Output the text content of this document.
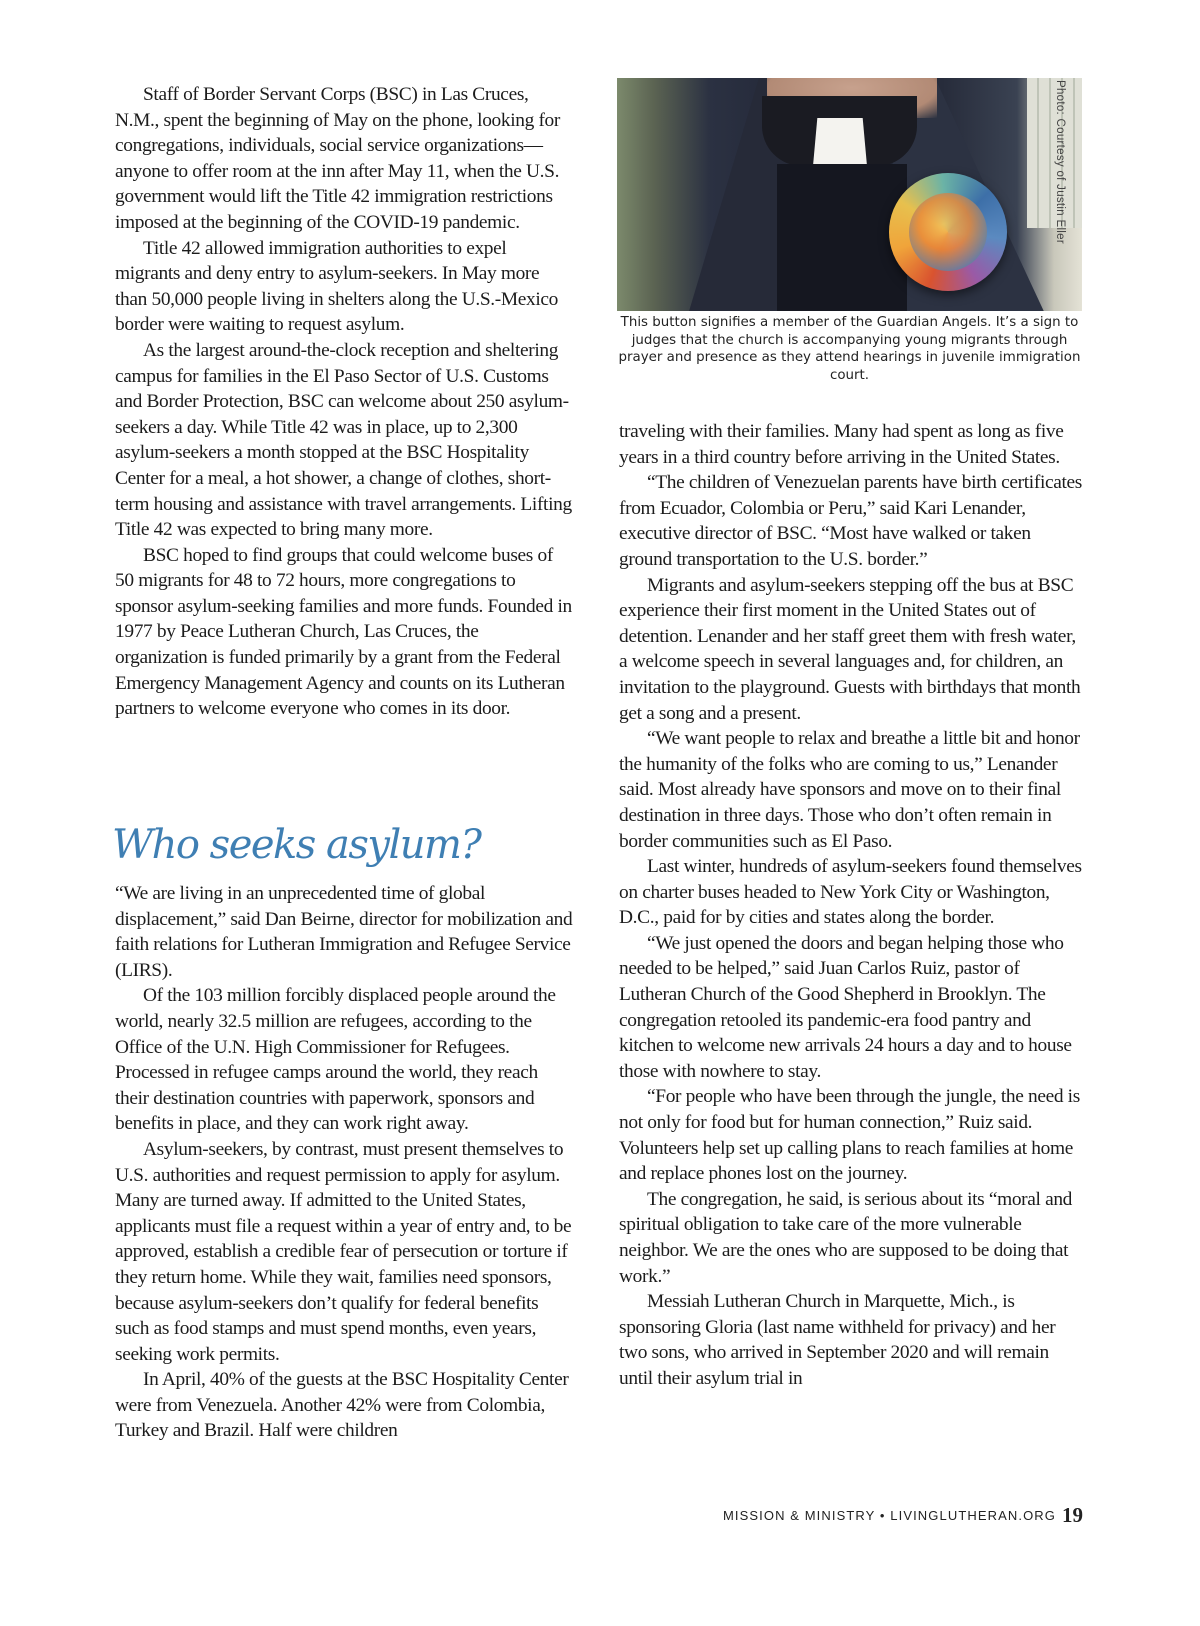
Staff of Border Servant Corps (BSC) in Las Cruces, N.M., spent the beginning of May on the phone, looking for congregations, individuals, social service organizations—anyone to offer room at the inn after May 11, when the U.S. government would lift the Title 42 immigration restrictions imposed at the beginning of the COVID-19 pandemic.

Title 42 allowed immigration authorities to expel migrants and deny entry to asylum-seekers. In May more than 50,000 people living in shelters along the U.S.-Mexico border were waiting to request asylum.

As the largest around-the-clock reception and sheltering campus for families in the El Paso Sector of U.S. Customs and Border Protection, BSC can welcome about 250 asylum-seekers a day. While Title 42 was in place, up to 2,300 asylum-seekers a month stopped at the BSC Hospitality Center for a meal, a hot shower, a change of clothes, short-term housing and assistance with travel arrangements. Lifting Title 42 was expected to bring many more.

BSC hoped to find groups that could welcome buses of 50 migrants for 48 to 72 hours, more congregations to sponsor asylum-seeking families and more funds. Founded in 1977 by Peace Lutheran Church, Las Cruces, the organization is funded primarily by a grant from the Federal Emergency Management Agency and counts on its Lutheran partners to welcome everyone who comes in its door.

Who seeks asylum?

“We are living in an unprecedented time of global displacement,” said Dan Beirne, director for mobilization and faith relations for Lutheran Immigration and Refugee Service (LIRS).

Of the 103 million forcibly displaced people around the world, nearly 32.5 million are refugees, according to the Office of the U.N. High Commissioner for Refugees. Processed in refugee camps around the world, they reach their destination countries with paperwork, sponsors and benefits in place, and they can work right away.

Asylum-seekers, by contrast, must present themselves to U.S. authorities and request permission to apply for asylum. Many are turned away. If admitted to the United States, applicants must file a request within a year of entry and, to be approved, establish a credible fear of persecution or torture if they return home. While they wait, families need sponsors, because asylum-seekers don’t qualify for federal benefits such as food stamps and must spend months, even years, seeking work permits.

In April, 40% of the guests at the BSC Hospitality Center were from Venezuela. Another 42% were from Colombia, Turkey and Brazil. Half were children

Photo: Courtesy of Justin Eller

This button signifies a member of the Guardian Angels. It’s a sign to judges that the church is accompanying young migrants through prayer and presence as they attend hearings in juvenile immigration court.

traveling with their families. Many had spent as long as five years in a third country before arriving in the United States.

“The children of Venezuelan parents have birth certificates from Ecuador, Colombia or Peru,” said Kari Lenander, executive director of BSC. “Most have walked or taken ground transportation to the U.S. border.”

Migrants and asylum-seekers stepping off the bus at BSC experience their first moment in the United States out of detention. Lenander and her staff greet them with fresh water, a welcome speech in several languages and, for children, an invitation to the playground. Guests with birthdays that month get a song and a present.

“We want people to relax and breathe a little bit and honor the humanity of the folks who are coming to us,” Lenander said. Most already have sponsors and move on to their final destination in three days. Those who don’t often remain in border communities such as El Paso.

Last winter, hundreds of asylum-seekers found themselves on charter buses headed to New York City or Washington, D.C., paid for by cities and states along the border.

“We just opened the doors and began helping those who needed to be helped,” said Juan Carlos Ruiz, pastor of Lutheran Church of the Good Shepherd in Brooklyn. The congregation retooled its pandemic-era food pantry and kitchen to welcome new arrivals 24 hours a day and to house those with nowhere to stay.

“For people who have been through the jungle, the need is not only for food but for human connection,” Ruiz said. Volunteers help set up calling plans to reach families at home and replace phones lost on the journey.

The congregation, he said, is serious about its “moral and spiritual obligation to take care of the more vulnerable neighbor. We are the ones who are supposed to be doing that work.”

Messiah Lutheran Church in Marquette, Mich., is sponsoring Gloria (last name withheld for privacy) and her two sons, who arrived in September 2020 and will remain until their asylum trial in

MISSION & MINISTRY • LIVINGLUTHERAN.ORG 19
